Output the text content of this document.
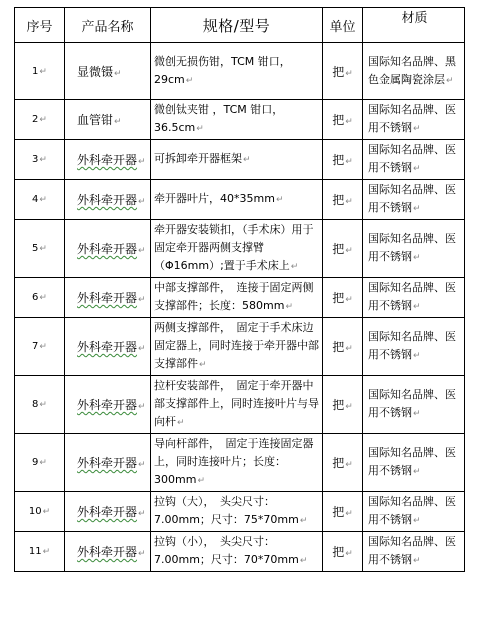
序号	产品名称	规格/型号	单位	材质

1↵	显微镊↵	微创无损伤钳，TCM 钳口，29cm↵	把↵	国际知名品牌、黑色金属陶瓷涂层↵
2↵	血管钳↵	微创钛夹钳 ，TCM 钳口，36.5cm↵	把↵	国际知名品牌、医用不锈钢↵
3↵	外科牵开器↵	可拆卸牵开器框架↵	把↵	国际知名品牌、医用不锈钢↵
4↵	外科牵开器↵	牵开器叶片，40*35mm↵	把↵	国际知名品牌、医用不锈钢↵
5↵	外科牵开器↵	牵开器安装锁扣，（手术床）用于固定牵开器两侧支撑臂（Φ16mm）;置于手术床上↵	把↵	国际知名品牌、医用不锈钢↵
6↵	外科牵开器↵	中部支撑部件，　连接于固定两侧支撑部件；长度：580mm↵	把↵	国际知名品牌、医用不锈钢↵
7↵	外科牵开器↵	两侧支撑部件，　固定于手术床边固定器上，同时连接于牵开器中部支撑部件↵	把↵	国际知名品牌、医用不锈钢↵
8↵	外科牵开器↵	拉杆安装部件，　固定于牵开器中部支撑部件上，同时连接叶片与导向杆↵	把↵	国际知名品牌、医用不锈钢↵
9↵	外科牵开器↵	导向杆部件，　固定于连接固定器上，同时连接叶片；长度：300mm↵	把↵	国际知名品牌、医用不锈钢↵
10↵	外科牵开器↵	拉钩（大），　头尖尺寸：7.00mm；尺寸：75*70mm↵	把↵	国际知名品牌、医用不锈钢↵
11↵	外科牵开器↵	拉钩（小），　头尖尺寸：7.00mm；尺寸：70*70mm↵	把↵	国际知名品牌、医用不锈钢↵
